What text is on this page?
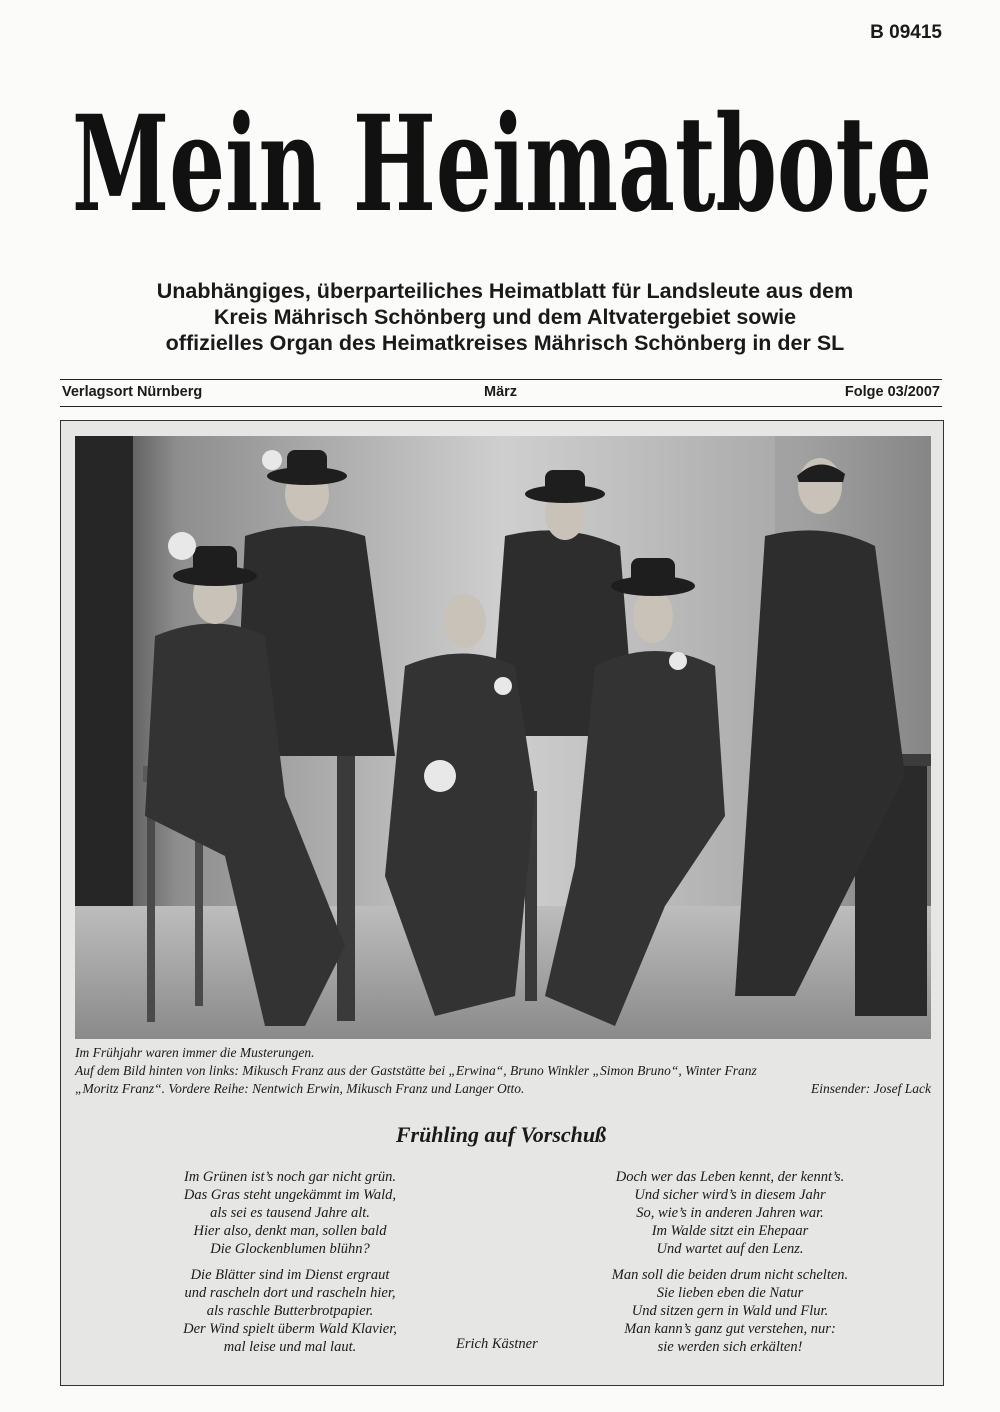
B 09415
Mein Heimatbote
Unabhängiges, überparteiliches Heimatblatt für Landsleute aus dem
Kreis Mährisch Schönberg und dem Altvatergebiet sowie
offizielles Organ des Heimatkreises Mährisch Schönberg in der SL
Verlagsort Nürnberg	März	Folge 03/2007

Im Frühjahr waren immer die Musterungen.

Auf dem Bild hinten von links: Mikusch Franz aus der Gaststätte bei „Erwina“, Bruno Winkler „Simon Bruno“, Winter Franz „Moritz Franz“. Vordere Reihe: Nentwich Erwin, Mikusch Franz und Langer Otto.	Einsender: Josef Lack
Frühling auf Vorschuß
Im Grünen ist’s noch gar nicht grün.
Das Gras steht ungekämmt im Wald,
als sei es tausend Jahre alt.
Hier also, denkt man, sollen bald
Die Glockenblumen blühn?
Die Blätter sind im Dienst ergraut
und rascheln dort und rascheln hier,
als raschle Butterbrotpapier.
Der Wind spielt überm Wald Klavier,
mal leise und mal laut.
Doch wer das Leben kennt, der kennt’s.
Und sicher wird’s in diesem Jahr
So, wie’s in anderen Jahren war.
Im Walde sitzt ein Ehepaar
Und wartet auf den Lenz.
Man soll die beiden drum nicht schelten.
Sie lieben eben die Natur
Und sitzen gern in Wald und Flur.
Man kann’s ganz gut verstehen, nur:
sie werden sich erkälten!
Erich Kästner
